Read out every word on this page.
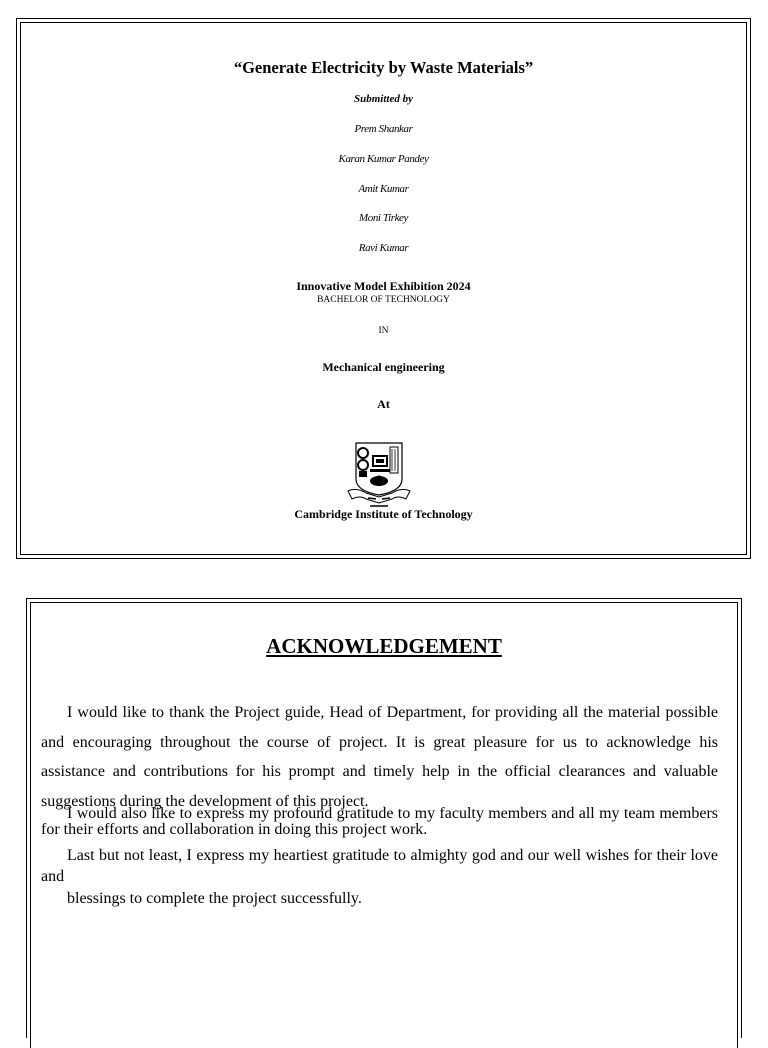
“Generate Electricity by Waste Materials”
Submitted by
Prem Shankar
Karan Kumar Pandey
Amit Kumar
Moni Tirkey
Ravi Kumar
Innovative Model Exhibition 2024
BACHELOR OF TECHNOLOGY
IN
Mechanical engineering
At
Cambridge Institute of Technology
ACKNOWLEDGEMENT
I would like to thank the Project guide, Head of Department, for providing all the material possible and encouraging throughout the course of project. It is great pleasure for us to acknowledge his assistance and contributions for his prompt and timely help in the official clearances and valuable suggestions during the development of this project.
I would also like to express my profound gratitude to my faculty members and all my team members for their efforts and collaboration in doing this project work.
Last but not least, I express my heartiest gratitude to almighty god and our well wishes for their love and
blessings to complete the project successfully.
